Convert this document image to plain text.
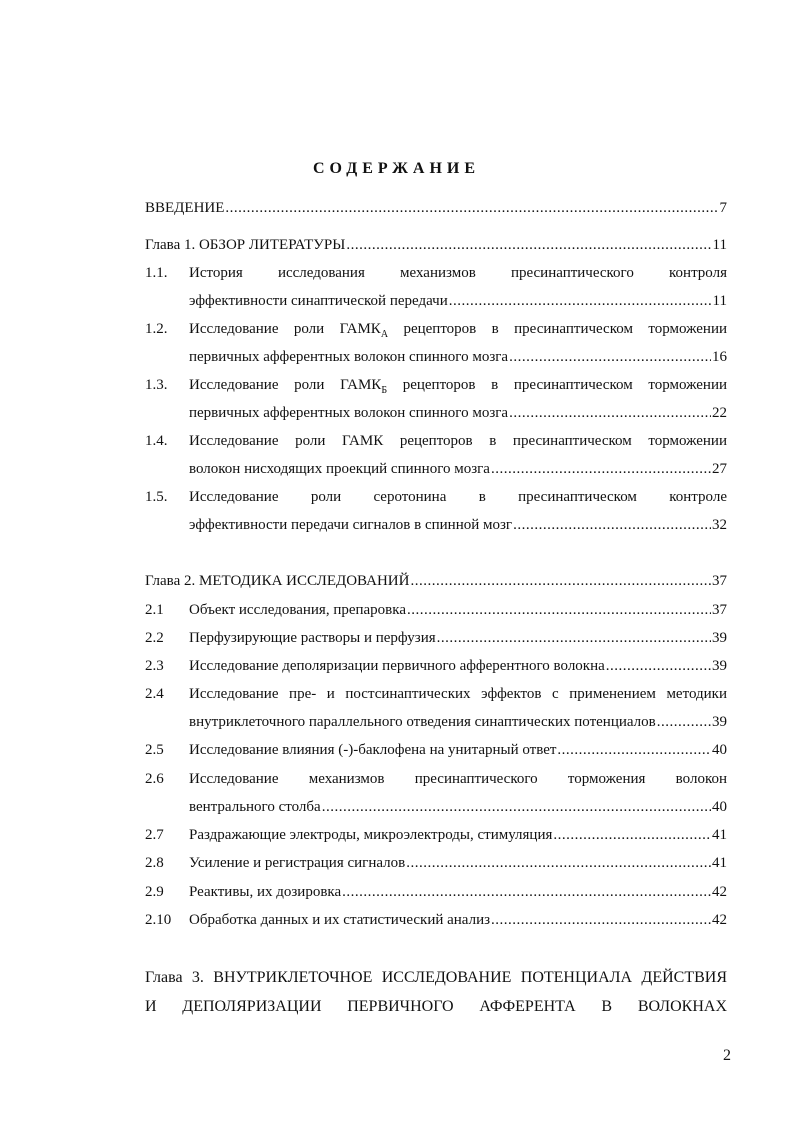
СОДЕРЖАНИЕ
ВВЕДЕНИЕ .....	7
Глава 1. ОБЗОР ЛИТЕРАТУРЫ .....	11
1.1. История исследования механизмов пресинаптического контроля
эффективности синаптической передачи .....	11
1.2. Исследование роли $ГАМК_А$ рецепторов в пресинаптическом торможении
первичных афферентных волокон спинного мозга .....	16
1.3. Исследование роли $ГАМК_Б$ рецепторов в пресинаптическом торможении
первичных афферентных волокон спинного мозга .....	22
1.4. Исследование роли ГАМК рецепторов в пресинаптическом торможении
волокон нисходящих проекций спинного мозга .....	27
1.5. Исследование роли серотонина в пресинаптическом контроле
эффективности передачи сигналов в спинной мозг .....	32
Глава 2. МЕТОДИКА ИССЛЕДОВАНИЙ .....	37
2.1 Объект исследования, препаровка .....	37
2.2 Перфузирующие растворы и перфузия .....	39
2.3 Исследование деполяризации первичного афферентного волокна .....	39
2.4 Исследование пре- и постсинаптических эффектов с применением методики
внутриклеточного параллельного отведения синаптических потенциалов .....	39
2.5 Исследование влияния (-)-баклофена на унитарный ответ .....	40
2.6 Исследование механизмов пресинаптического торможения волокон
вентрального столба .....	40
2.7 Раздражающие электроды, микроэлектроды, стимуляция .....	41
2.8 Усиление и регистрация сигналов .....	41
2.9 Реактивы, их дозировка .....	42
2.10 Обработка данных и их статистический анализ .....	42
Глава 3. ВНУТРИКЛЕТОЧНОЕ ИССЛЕДОВАНИЕ ПОТЕНЦИАЛА ДЕЙСТВИЯ
И ДЕПОЛЯРИЗАЦИИ ПЕРВИЧНОГО АФФЕРЕНТА В ВОЛОКНАХ
2
